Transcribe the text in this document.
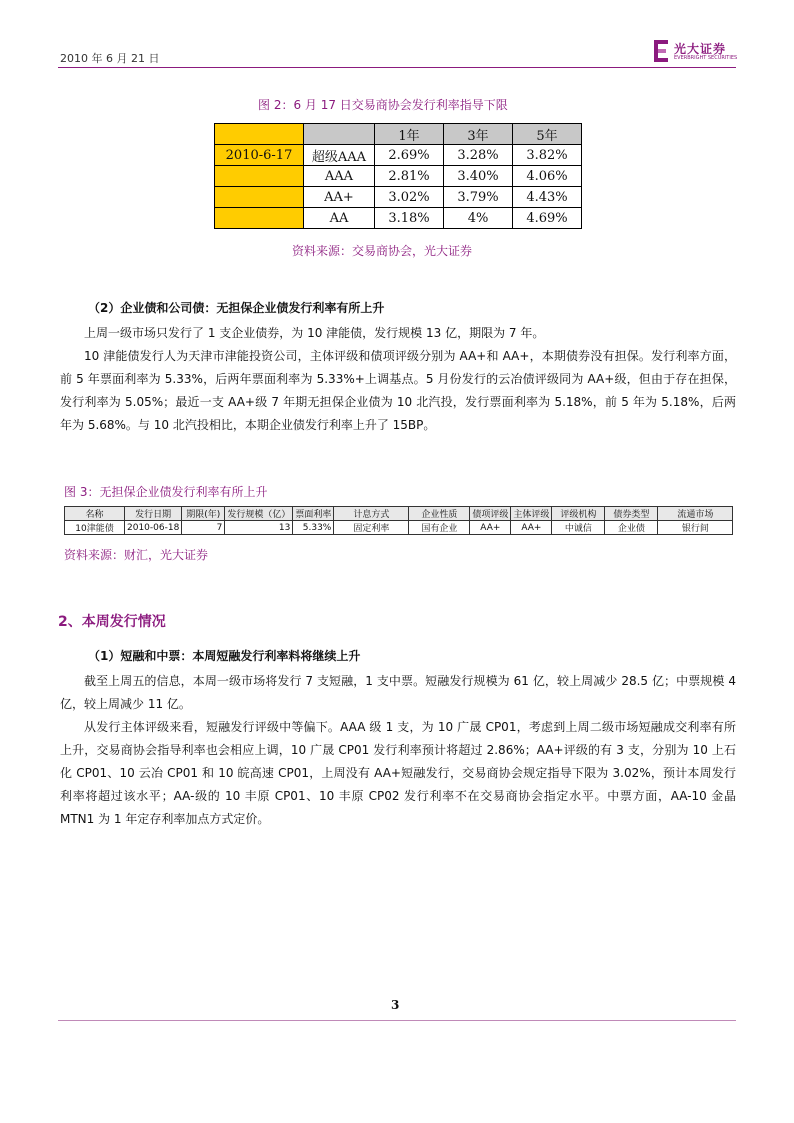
2010 年 6 月 21 日
光大证券
EVERBRIGHT SECURITIES
图 2：6 月 17 日交易商协会发行利率指导下限
		1年	3年	5年
2010-6-17	超级AAA	2.69%	3.28%	3.82%
	AAA	2.81%	3.40%	4.06%
	AA+	3.02%	3.79%	4.43%
	AA	3.18%	4%	4.69%
资料来源：交易商协会，光大证券
（2）企业债和公司债：无担保企业债发行利率有所上升

上周一级市场只发行了 1 支企业债券，为 10 津能债，发行规模 13 亿，期限为 7 年。

10 津能债发行人为天津市津能投资公司，主体评级和债项评级分别为 AA+和 AA+，本期债券没有担保。发行利率方面，前 5 年票面利率为 5.33%，后两年票面利率为 5.33%+上调基点。5 月份发行的云冶债评级同为 AA+级，但由于存在担保，发行利率为 5.05%；最近一支 AA+级 7 年期无担保企业债为 10 北汽投，发行票面利率为 5.18%，前 5 年为 5.18%，后两年为 5.68%。与 10 北汽投相比，本期企业债发行利率上升了 15BP。

图 3：无担保企业债发行利率有所上升
名称	发行日期	期限(年)	发行规模（亿）	票面利率	计息方式	企业性质	债项评级	主体评级	评级机构	债券类型	流通市场
10津能债	2010-06-18	7	13	5.33%	固定利率	国有企业	AA+	AA+	中诚信	企业债	银行间
资料来源：财汇，光大证券
2、本周发行情况
（1）短融和中票：本周短融发行利率料将继续上升

截至上周五的信息，本周一级市场将发行 7 支短融，1 支中票。短融发行规模为 61 亿，较上周减少 28.5 亿；中票规模 4 亿，较上周减少 11 亿。

从发行主体评级来看，短融发行评级中等偏下。AAA 级 1 支，为 10 广晟 CP01，考虑到上周二级市场短融成交利率有所上升，交易商协会指导利率也会相应上调，10 广晟 CP01 发行利率预计将超过 2.86%；AA+评级的有 3 支，分别为 10 上石化 CP01、10 云冶 CP01 和 10 皖高速 CP01，上周没有 AA+短融发行，交易商协会规定指导下限为 3.02%，预计本周发行利率将超过该水平；AA-级的 10 丰原 CP01、10 丰原 CP02 发行利率不在交易商协会指定水平。中票方面，AA-10 金晶 MTN1 为 1 年定存利率加点方式定价。

3
